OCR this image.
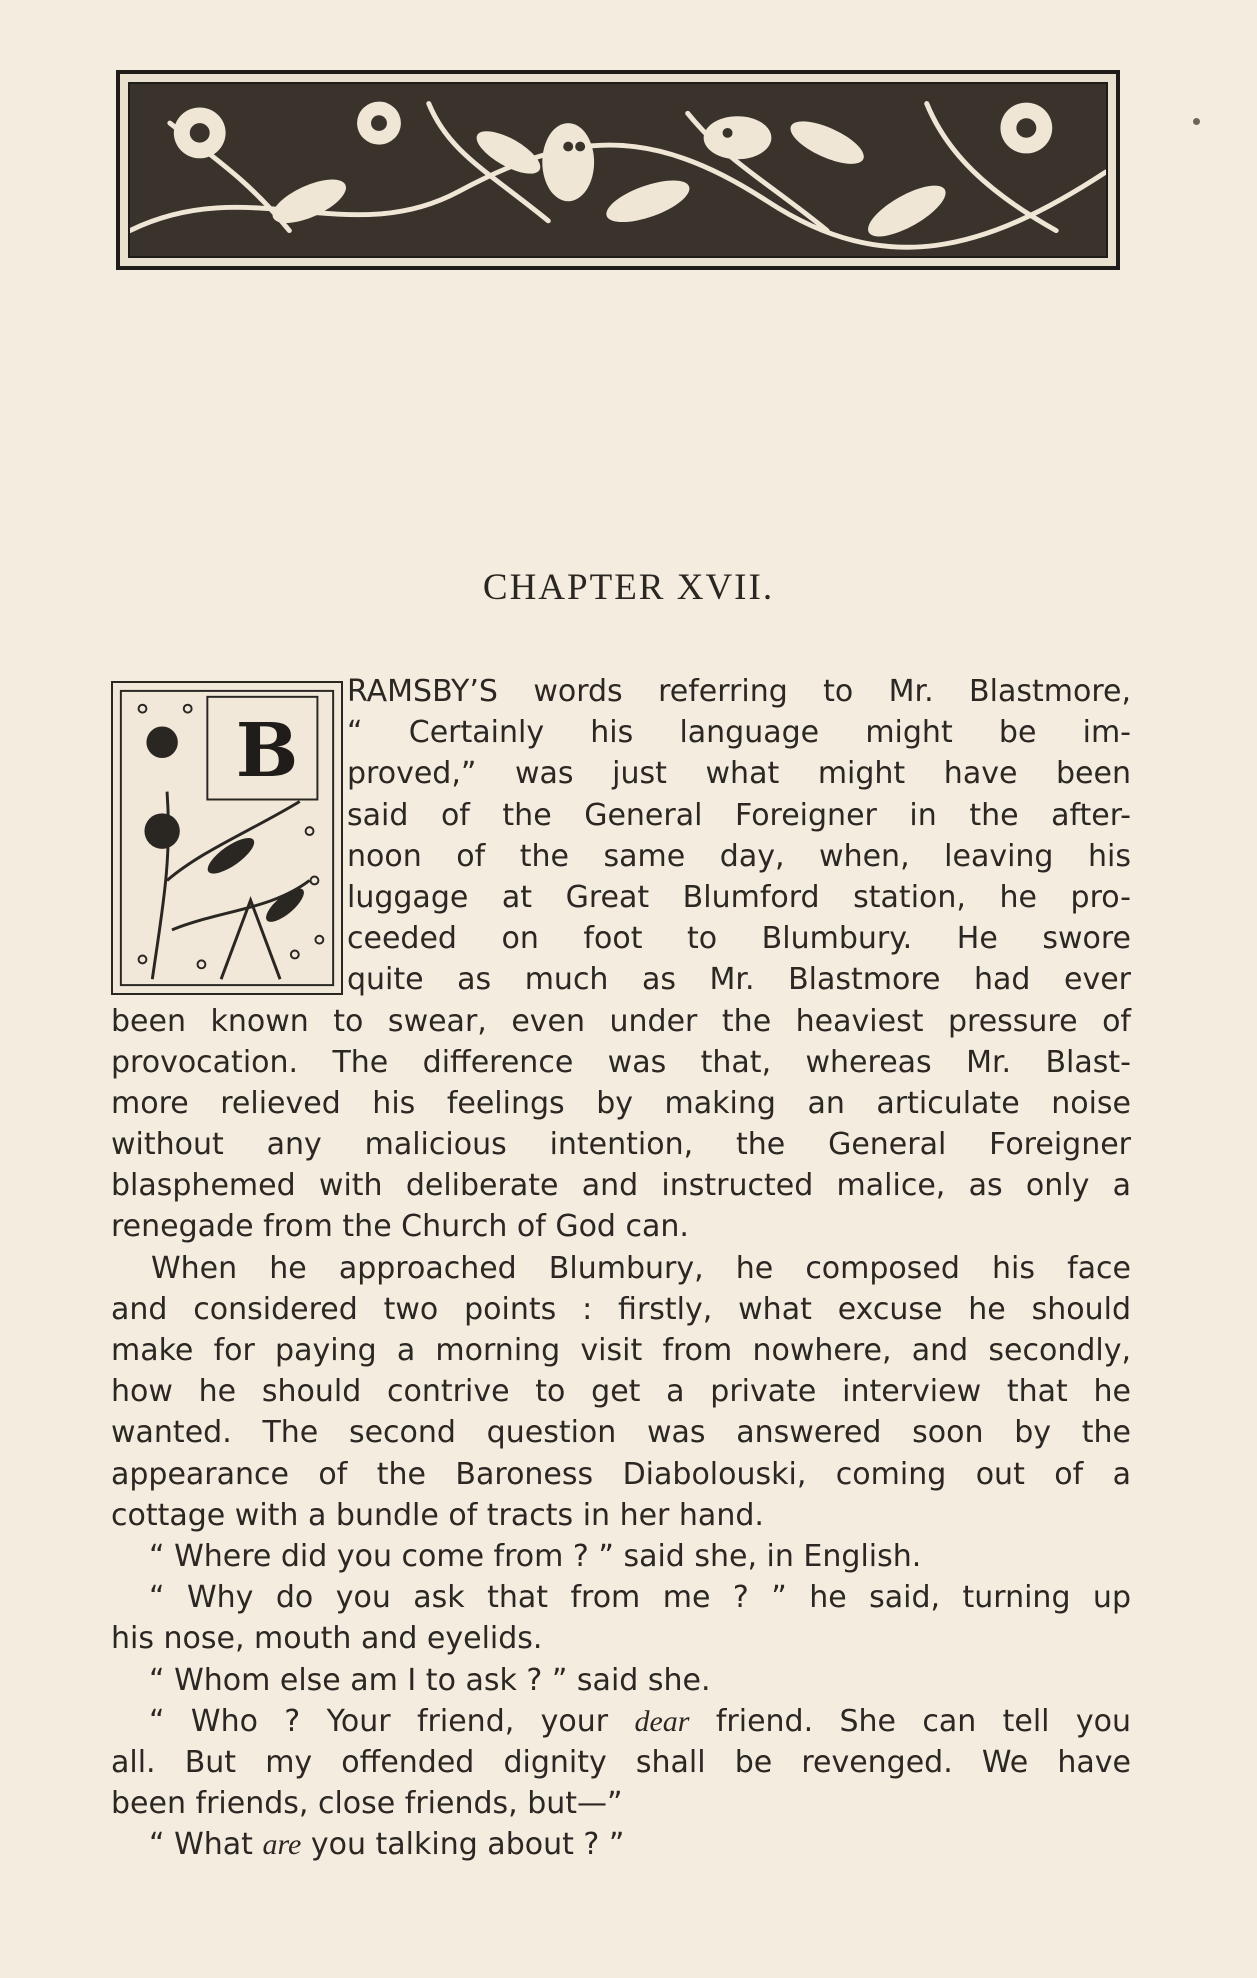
CHAPTER XVII.
B
RAMSBY’S words referring to Mr. Blastmore,
“ Certainly his language might be im-
proved,” was just what might have been
said of the General Foreigner in the after-
noon of the same day, when, leaving his
luggage at Great Blumford station, he pro-
ceeded on foot to Blumbury. He swore
quite as much as Mr. Blastmore had ever
been known to swear, even under the heaviest pressure of
provocation. The difference was that, whereas Mr. Blast-
more relieved his feelings by making an articulate noise
without any malicious intention, the General Foreigner
blasphemed with deliberate and instructed malice, as only a
renegade from the Church of God can.
When he approached Blumbury, he composed his face
and considered two points : firstly, what excuse he should
make for paying a morning visit from nowhere, and secondly,
how he should contrive to get a private interview that he
wanted. The second question was answered soon by the
appearance of the Baroness Diabolouski, coming out of a
cottage with a bundle of tracts in her hand.
“ Where did you come from ? ” said she, in English.
“ Why do you ask that from me ? ” he said, turning up
his nose, mouth and eyelids.
“ Whom else am I to ask ? ” said she.
“ Who ? Your friend, your dear friend. She can tell you
all. But my offended dignity shall be revenged. We have
been friends, close friends, but—”
“ What are you talking about ? ”
